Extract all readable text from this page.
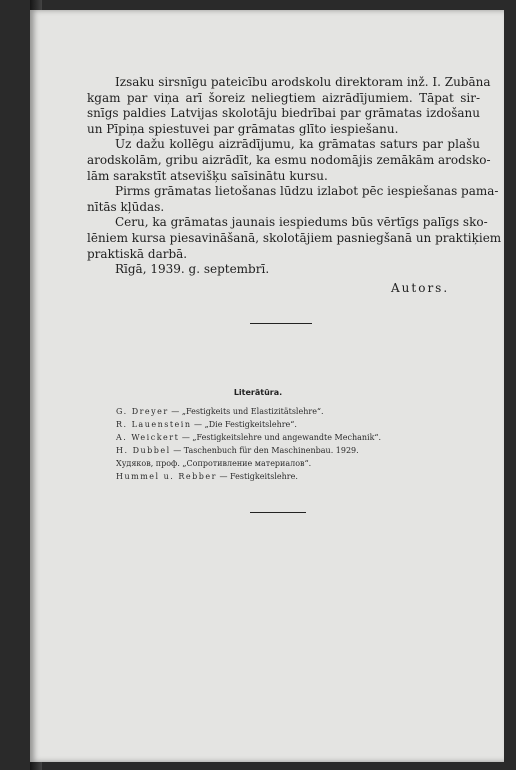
Izsaku sirsnīgu pateicību arodskolu direktoram inž. I. Zubāna
kgam par viņa arī šoreiz neliegtiem aizrādījumiem. Tāpat sir-
snīgs paldies Latvijas skolotāju biedrībai par grāmatas izdošanu
un Pīpiņa spiestuvei par grāmatas glīto iespiešanu.
Uz dažu kollēgu aizrādījumu, ka grāmatas saturs par plašu
arodskolām, gribu aizrādīt, ka esmu nodomājis zemākām arodsko-
lām sarakstīt atsevišķu saīsinātu kursu.
Pirms grāmatas lietošanas lūdzu izlabot pēc iespiešanas pama-
nītās kļūdas.
Ceru, ka grāmatas jaunais iespiedums būs vērtīgs palīgs sko-
lēniem kursa piesavināšanā, skolotājiem pasniegšanā un praktiķiem
praktiskā darbā.
Rīgā, 1939. g. septembrī.
Autors.
Literātūra.
G. Dreyer — „Festigkeits und Elastizitätslehre“.
R. Lauenstein — „Die Festigkeitslehre“.
A. Weickert — „Festigkeitslehre und angewandte Mechanik“.
H. Dubbel — Taschenbuch für den Maschinenbau. 1929.
Худяков, проф. „Сопротивление материалов“.
Hummel u. Rebber — Festigkeitslehre.
